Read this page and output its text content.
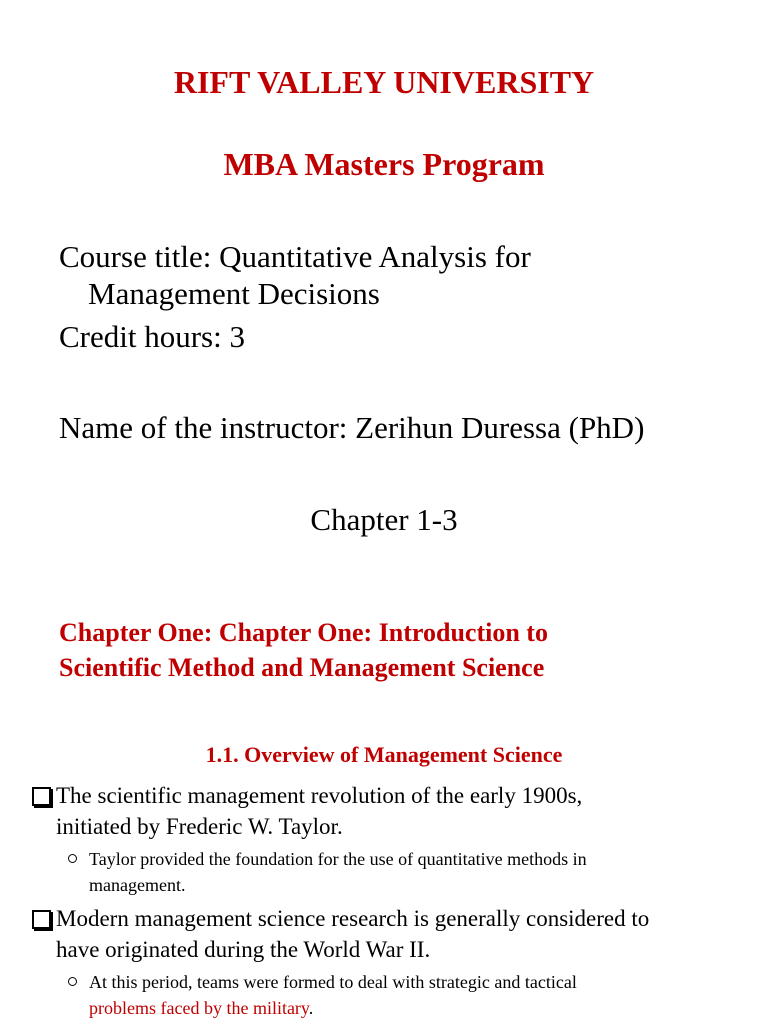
RIFT VALLEY UNIVERSITY

MBA Masters Program

Course title: Quantitative Analysis for
Management Decisions

Credit hours: 3

Name of the instructor: Zerihun Duressa (PhD)

Chapter 1-3

Chapter One: Chapter One: Introduction to
Scientific Method and Management Science

1.1. Overview of Management Science

The scientific management revolution of the early 1900s,
initiated by Frederic W. Taylor.
Taylor provided the foundation for the use of quantitative methods in
management.
Modern management science research is generally considered to
have originated during the World War II.
At this period, teams were formed to deal with strategic and tactical
problems faced by the military.
